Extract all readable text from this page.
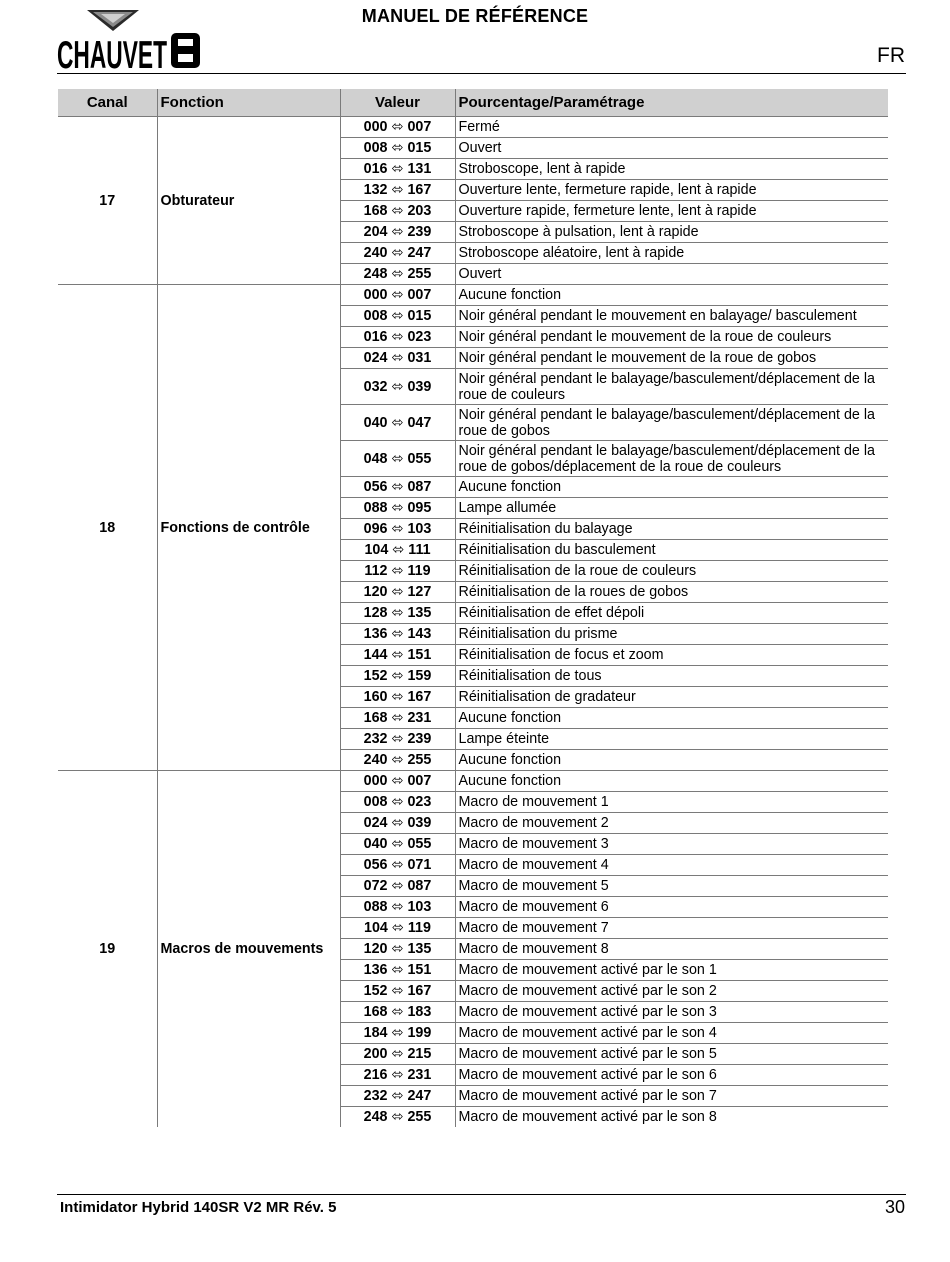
CHAUVET
MANUEL DE RÉFÉRENCE
FR
Canal	Fonction	Valeur	Pourcentage/Paramétrage
17	Obturateur	000 ⬄ 007	Fermé
		008 ⬄ 015	Ouvert
		016 ⬄ 131	Stroboscope, lent à rapide
		132 ⬄ 167	Ouverture lente, fermeture rapide, lent à rapide
		168 ⬄ 203	Ouverture rapide, fermeture lente, lent à rapide
		204 ⬄ 239	Stroboscope à pulsation, lent à rapide
		240 ⬄ 247	Stroboscope aléatoire, lent à rapide
		248 ⬄ 255	Ouvert
18	Fonctions de contrôle	000 ⬄ 007	Aucune fonction
		008 ⬄ 015	Noir général pendant le mouvement en balayage/ basculement
		016 ⬄ 023	Noir général pendant le mouvement de la roue de couleurs
		024 ⬄ 031	Noir général pendant le mouvement de la roue de gobos
		032 ⬄ 039	Noir général pendant le balayage/basculement/déplacement de la roue de couleurs
		040 ⬄ 047	Noir général pendant le balayage/basculement/déplacement de la roue de gobos
		048 ⬄ 055	Noir général pendant le balayage/basculement/déplacement de la roue de gobos/déplacement de la roue de couleurs
		056 ⬄ 087	Aucune fonction
		088 ⬄ 095	Lampe allumée
		096 ⬄ 103	Réinitialisation du balayage
		104 ⬄ 111	Réinitialisation du basculement
		112 ⬄ 119	Réinitialisation de la roue de couleurs
		120 ⬄ 127	Réinitialisation de la roues de gobos
		128 ⬄ 135	Réinitialisation de effet dépoli
		136 ⬄ 143	Réinitialisation du prisme
		144 ⬄ 151	Réinitialisation de focus et zoom
		152 ⬄ 159	Réinitialisation de tous
		160 ⬄ 167	Réinitialisation de gradateur
		168 ⬄ 231	Aucune fonction
		232 ⬄ 239	Lampe éteinte
		240 ⬄ 255	Aucune fonction
19	Macros de mouvements	000 ⬄ 007	Aucune fonction
		008 ⬄ 023	Macro de mouvement 1
		024 ⬄ 039	Macro de mouvement 2
		040 ⬄ 055	Macro de mouvement 3
		056 ⬄ 071	Macro de mouvement 4
		072 ⬄ 087	Macro de mouvement 5
		088 ⬄ 103	Macro de mouvement 6
		104 ⬄ 119	Macro de mouvement 7
		120 ⬄ 135	Macro de mouvement 8
		136 ⬄ 151	Macro de mouvement activé par le son 1
		152 ⬄ 167	Macro de mouvement activé par le son 2
		168 ⬄ 183	Macro de mouvement activé par le son 3
		184 ⬄ 199	Macro de mouvement activé par le son 4
		200 ⬄ 215	Macro de mouvement activé par le son 5
		216 ⬄ 231	Macro de mouvement activé par le son 6
		232 ⬄ 247	Macro de mouvement activé par le son 7
		248 ⬄ 255	Macro de mouvement activé par le son 8
Intimidator Hybrid 140SR V2 MR Rév. 5	30
